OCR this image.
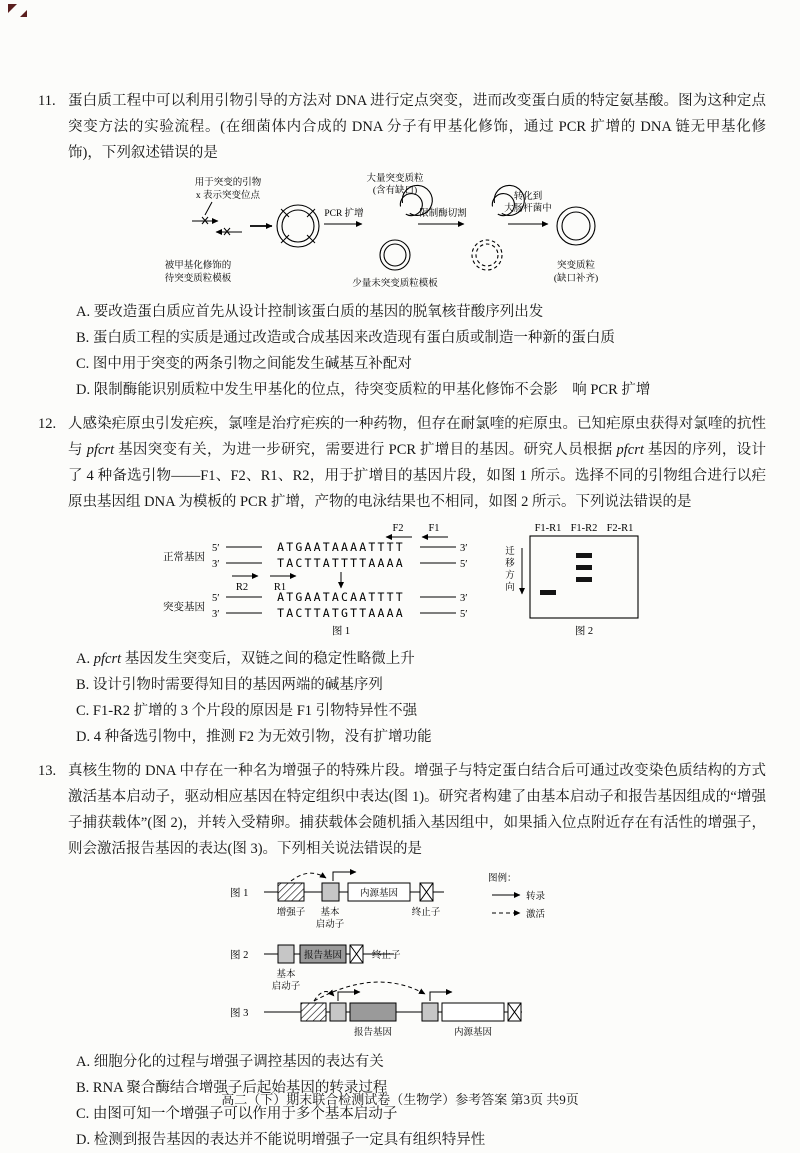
11. 蛋白质工程中可以利用引物引导的方法对 DNA 进行定点突变，进而改变蛋白质的特定氨基酸。图为这种定点突变方法的实验流程。(在细菌体内合成的 DNA 分子有甲基化修饰，通过 PCR 扩增的 DNA 链无甲基化修饰)，下列叙述错误的是

用于突变的引物
x 表示突变位点
被甲基化修饰的
待突变质粒模板
PCR 扩增
大量突变质粒
(含有缺口)
少量未突变质粒模板
限制酶切割
转化到
大肠杆菌中
突变质粒
(缺口补齐)
A. 要改造蛋白质应首先从设计控制该蛋白质的基因的脱氧核苷酸序列出发
B. 蛋白质工程的实质是通过改造或合成基因来改造现有蛋白质或制造一种新的蛋白质
C. 图中用于突变的两条引物之间能发生碱基互补配对
D. 限制酶能识别质粒中发生甲基化的位点，待突变质粒的甲基化修饰不会影　响 PCR 扩增
12. 人感染疟原虫引发疟疾，氯喹是治疗疟疾的一种药物，但存在耐氯喹的疟原虫。已知疟原虫获得对氯喹的抗性与 pfcrt 基因突变有关，为进一步研究，需要进行 PCR 扩增目的基因。研究人员根据 pfcrt 基因的序列，设计了 4 种备选引物——F1、F2、R1、R2，用于扩增目的基因片段，如图 1 所示。选择不同的引物组合进行以疟原虫基因组 DNA 为模板的 PCR 扩增，产物的电泳结果也不相同，如图 2 所示。下列说法错误的是

F2 F1
正常基因
5′	ATGAATAAAATTTT	3′
3′	TACTTATTTTAAAA	5′
R2 R1
突变基因
5′	ATGAATACAATTTT	3′
3′	TACTTATGTTAAAA	5′
图 1
迁
移
方
向
F1-R1 F1-R2 F2-R1
图 2
A. pfcrt 基因发生突变后，双链之间的稳定性略微上升
B. 设计引物时需要得知目的基因两端的碱基序列
C. F1-R2 扩增的 3 个片段的原因是 F1 引物特异性不强
D. 4 种备选引物中，推测 F2 为无效引物，没有扩增功能
13. 真核生物的 DNA 中存在一种名为增强子的特殊片段。增强子与特定蛋白结合后可通过改变染色质结构的方式激活基本启动子，驱动相应基因在特定组织中表达(图 1)。研究者构建了由基本启动子和报告基因组成的“增强子捕获载体”(图 2)，并转入受精卵。捕获载体会随机插入基因组中，如果插入位点附近存在有活性的增强子，则会激活报告基因的表达(图 3)。下列相关说法错误的是

图 1	内源基因
增强子 基本
启动子
终止子
图例：
转录
激活
图 2	报告基因	终止子
基本
启动子
图 3
报告基因	内源基因
A. 细胞分化的过程与增强子调控基因的表达有关
B. RNA 聚合酶结合增强子后起始基因的转录过程
C. 由图可知一个增强子可以作用于多个基本启动子
D. 检测到报告基因的表达并不能说明增强子一定具有组织特异性
高二（下）期末联合检测试卷（生物学）参考答案 第3页 共9页
